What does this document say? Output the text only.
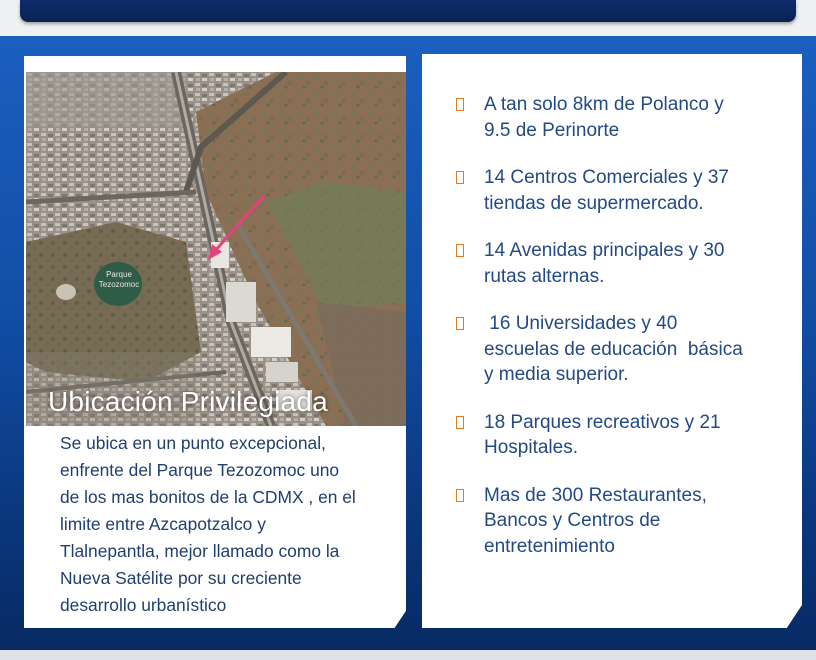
Parque
Tezozomoc
Ubicación Privilegiada
Se ubica en un punto excepcional,
enfrente del Parque Tezozomoc uno
de los mas bonitos de la CDMX , en el
limite entre Azcapotzalco y
Tlalnepantla, mejor llamado como la
Nueva Satélite por su creciente
desarrollo urbanístico
A tan solo 8km de Polanco y
9.5 de Perinorte
14 Centros Comerciales y 37
tiendas de supermercado.
14 Avenidas principales y 30
rutas alternas.
16 Universidades y 40
escuelas de educación  básica
y media superior.
18 Parques recreativos y 21
Hospitales.
Mas de 300 Restaurantes,
Bancos y Centros de
entretenimiento
